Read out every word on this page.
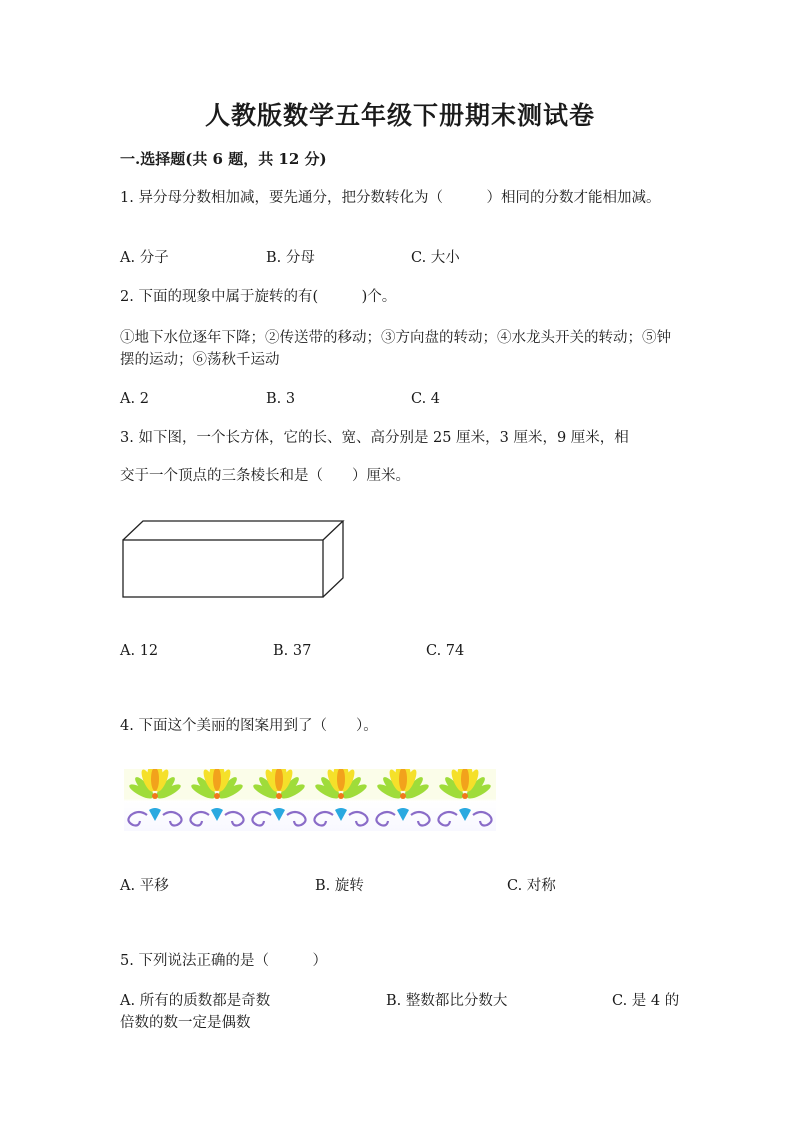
人教版数学五年级下册期末测试卷
一.选择题(共 6 题，共 12 分)
1. 异分母分数相加减，要先通分，把分数转化为（　　　）相同的分数才能相加减。
A. 分子	B. 分母	C. 大小
2. 下面的现象中属于旋转的有(　　　)个。
①地下水位逐年下降；②传送带的移动；③方向盘的转动；④水龙头开关的转动；⑤钟摆的运动；⑥荡秋千运动
A. 2	B. 3	C. 4
3. 如下图，一个长方体，它的长、宽、高分别是 25 厘米，3 厘米，9 厘米，相
交于一个顶点的三条棱长和是（　　）厘米。
A. 12	B. 37	C. 74
4. 下面这个美丽的图案用到了（　　）。
A. 平移	B. 旋转	C. 对称
5. 下列说法正确的是（　　　）
A. 所有的质数都是奇数	B. 整数都比分数大	C. 是 4 的
倍数的数一定是偶数
